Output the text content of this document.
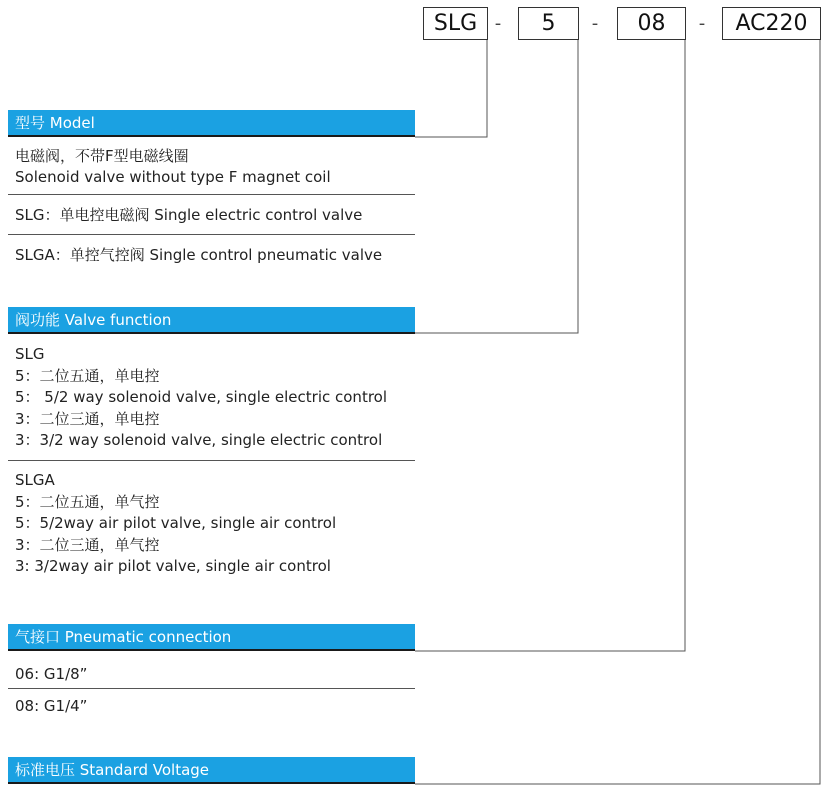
SLG -	5	-	08	-	AC220
型号 Model
电磁阀，不带F型电磁线圈
Solenoid valve without type F magnet coil
SLG：单电控电磁阀 Single electric control valve
SLGA：单控气控阀 Single control pneumatic valve
阀功能 Valve function
SLG
5：二位五通，单电控
5： 5/2 way solenoid valve, single electric control
3：二位三通，单电控
3：3/2 way solenoid valve, single electric control
SLGA
5：二位五通，单气控
5：5/2way air pilot valve, single air control
3：二位三通，单气控
3: 3/2way air pilot valve, single air control
气接口 Pneumatic connection
06: G1/8”
08: G1/4”
标准电压 Standard Voltage
